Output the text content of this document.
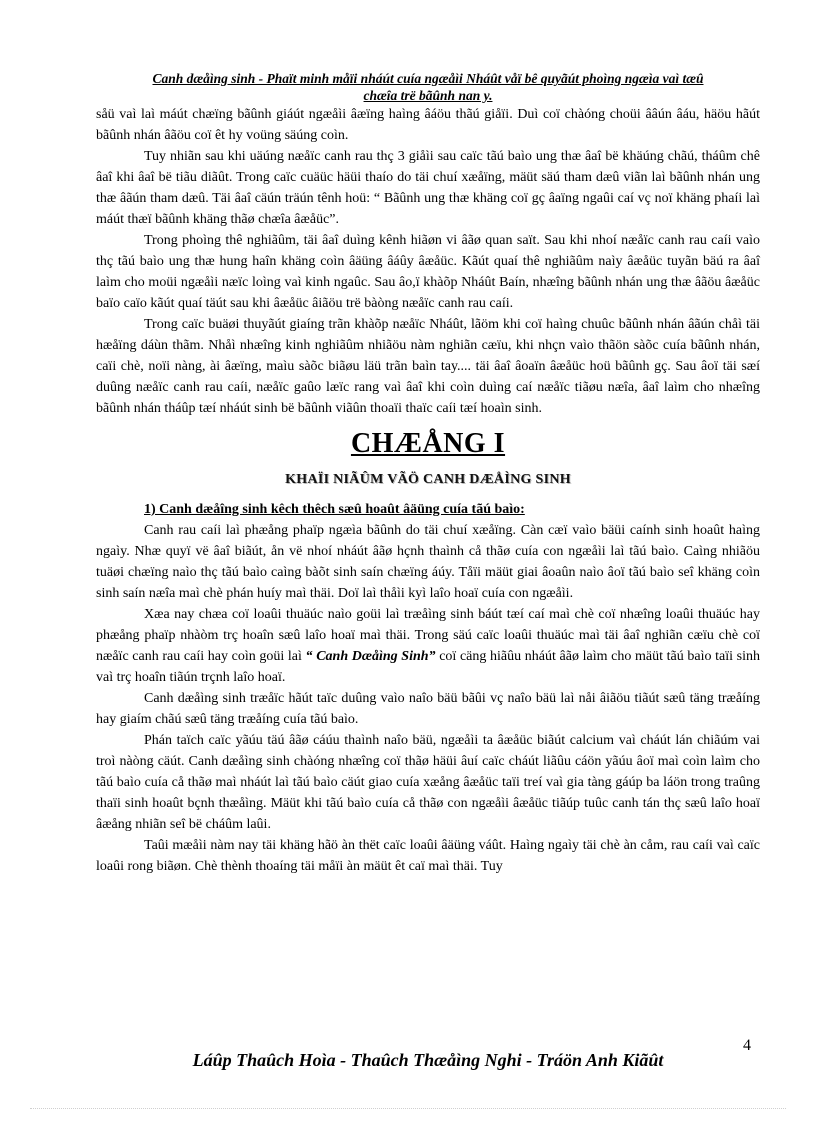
Canh dæåìng sinh - Phaït minh måïi nháút cuía ngæåìi Nháût våï bê quyãút phoìng ngæìa vaì tæû
chæîa trë bãûnh nan y.

såü vaì laì máút chæïng bãûnh giáút ngæåìi âæïng haìng âáöu thãú giåïi. Duì coï chàóng choüi ââún âáu, häöu hãút bãûnh nhán âãöu coï êt hy voüng säúng coìn.

Tuy nhiãn sau khi uäúng næåïc canh rau thç 3 giåìi sau caïc tãú baìo ung thæ âaî bë khäúng chãú, tháûm chê âaî khi âaî bë tiãu diãût. Trong caïc cuäüc häüi thaío do täi chuí xæåïng, mäüt säú tham dæû viãn laì bãûnh nhán ung thæ âãún tham dæû. Täi âaî cäún träún tênh hoü: “ Bãûnh ung thæ khäng coï gç âaïng ngaûi caí vç noï khäng phaíi laì máút thæï bãûnh khäng thãø chæîa âæåüc”.

Trong phoìng thê nghiãûm, täi âaî duìng kênh hiãøn vi âãø quan saït. Sau khi nhoí næåïc canh rau caíi vaìo thç tãú baìo ung thæ hung haîn khäng coìn âäüng âáûy âæåüc. Kãút quaí thê nghiãûm naìy âæåüc tuyãn bäú ra âaî laìm cho moüi ngæåìi næïc loìng vaì kinh ngaûc. Sau âo,ï khàõp Nháût Baín, nhæîng bãûnh nhán ung thæ âãöu âæåüc baïo caïo kãút quaí täút sau khi âæåüc âiãöu trë bàòng næåïc canh rau caíi.

Trong caïc buäøi thuyãút giaíng trãn khàõp næåïc Nháût, lãöm khi coï haìng chuûc bãûnh nhán âãún chåì täi hæåïng dáùn thãm. Nhåì nhæîng kinh nghiãûm nhiãöu nàm nghiãn cæïu, khi nhçn vaìo thãön sàõc cuía bãûnh nhán, caïi chè, noïi nàng, ài âæïng, maìu sàõc biãøu läü trãn baìn tay.... täi âaî âoaïn âæåüc hoü bãûnh gç. Sau âoï täi sæí duûng næåïc canh rau caíi, næåïc gaûo læïc rang vaì âaî khi coìn duìng caí næåïc tiãøu næîa, âaî laìm cho nhæîng bãûnh nhán tháûp tæí nháút sinh bë bãûnh viãûn thoaïi thaïc caíi tæí hoaìn sinh.

CHÆÅNG I
KHAÏI NIÃÛM VÃÖ CANH DÆÅÌNG SINH

1) Canh dæåîng sinh kêch thêch sæû hoaût âäüng cuía tãú baìo:

Canh rau caíi laì phæång phaïp ngæìa bãûnh do täi chuí xæåïng. Càn cæï vaìo bäüi caính sinh hoaût haìng ngaìy. Nhæ quyï vë âaî biãút, ån vë nhoí nháút âãø hçnh thaình cå thãø cuía con ngæåìi laì tãú baìo. Caìng nhiãöu tuäøi chæïng naìo thç tãú baìo caìng bàõt sinh saín chæïng áúy. Tåïi mäüt giai âoaûn naìo âoï tãú baìo seî khäng coìn sinh saín næîa maì chè phán huíy maì thäi. Doï laì thåìi kyì laîo hoaï cuía con ngæåìi.

Xæa nay chæa coï loaûi thuäúc naìo goüi laì træåìng sinh báút tæí caí maì chè coï nhæîng loaûi thuäúc hay phæång phaïp nhàòm trç hoaîn sæû laîo hoaï maì thäi. Trong säú caïc loaûi thuäúc maì täi âaî nghiãn cæïu chè coï næåïc canh rau caíi hay coìn goüi laì “ Canh Dæåìng Sinh” coï cäng hiãûu nháút âãø laìm cho mäüt tãú baìo taïi sinh vaì trç hoaîn tiãún trçnh laîo hoaï.

Canh dæåìng sinh træåïc hãút taïc duûng vaìo naîo bäü bãûi vç naîo bäü laì nåi âiãöu tiãút sæû täng træåíng hay giaím chãú sæû täng træåíng cuía tãú baìo.

Phán taïch caïc yãúu täú âãø cáúu thaình naîo bäü, ngæåìi ta âæåüc biãút calcium vaì cháút lán chiãúm vai troì nàòng cäút. Canh dæåìng sinh chàóng nhæîng coï thãø häüi âuí caïc cháút liãûu cáön yãúu âoï maì coìn laìm cho tãú baìo cuía cå thãø maì nháút laì tãú baìo cäút giao cuía xæång âæåüc taïi treí vaì gia tàng gáúp ba láön trong traûng thaïi sinh hoaût bçnh thæåìng. Mäüt khi tãú baìo cuía cå thãø con ngæåìi âæåüc tiãúp tuûc canh tán thç sæû laîo hoaï âæång nhiãn seî bë cháûm laûi.

Taûi mæåìi nàm nay täi khäng hãö àn thët caïc loaûi âäüng váût. Haìng ngaìy täi chè àn cåm, rau caíi vaì caïc loaûi rong biãøn. Chè thènh thoaíng täi måïi àn mäüt êt caï maì thäi. Tuy

4
Láûp Thaûch Hoìa - Thaûch Thæåìng Nghi - Tráön Anh Kiãût
